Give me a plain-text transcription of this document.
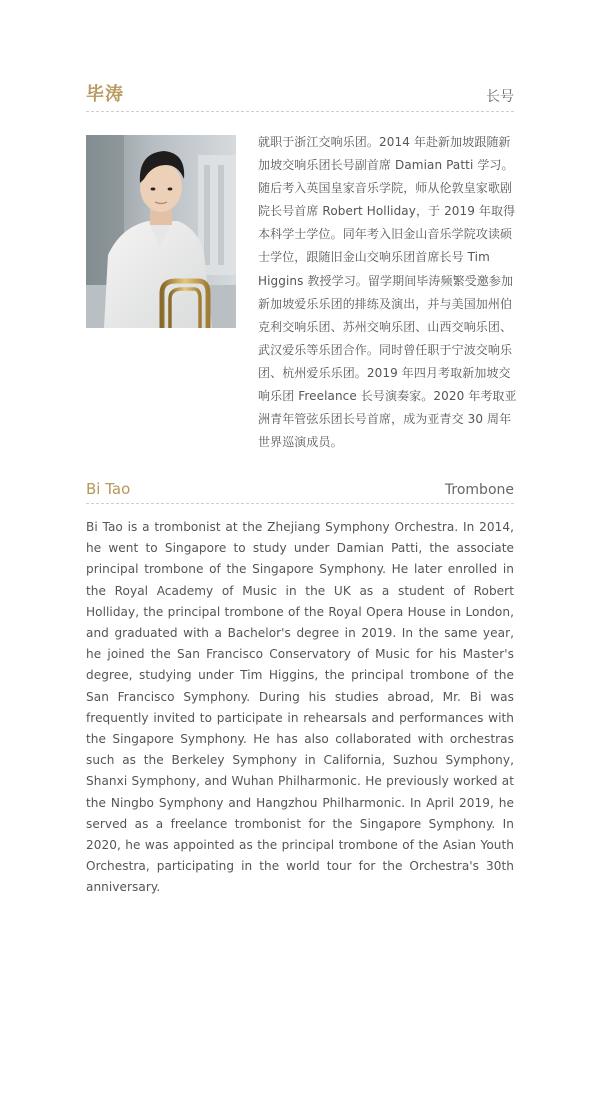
毕涛	长号
就职于浙江交响乐团。2014 年赴新加坡跟随新加坡交响乐团长号副首席 Damian Patti 学习。随后考入英国皇家音乐学院，师从伦敦皇家歌剧院长号首席 Robert Holliday，于 2019 年取得本科学士学位。同年考入旧金山音乐学院攻读硕士学位，跟随旧金山交响乐团首席长号 Tim Higgins 教授学习。留学期间毕涛频繁受邀参加新加坡爱乐乐团的排练及演出，并与美国加州伯克利交响乐团、苏州交响乐团、山西交响乐团、武汉爱乐等乐团合作。同时曾任职于宁波交响乐团、杭州爱乐乐团。2019 年四月考取新加坡交响乐团 Freelance 长号演奏家。2020 年考取亚洲青年管弦乐团长号首席，成为亚青交 30 周年世界巡演成员。
Bi Tao	Trombone
Bi Tao is a trombonist at the Zhejiang Symphony Orchestra. In 2014, he went to Singapore to study under Damian Patti, the associate principal trombone of the Singapore Symphony. He later enrolled in the Royal Academy of Music in the UK as a student of Robert Holliday, the principal trombone of the Royal Opera House in London, and graduated with a Bachelor's degree in 2019. In the same year, he joined the San Francisco Conservatory of Music for his Master's degree, studying under Tim Higgins, the principal trombone of the San Francisco Symphony. During his studies abroad, Mr. Bi was frequently invited to participate in rehearsals and performances with the Singapore Symphony. He has also collaborated with orchestras such as the Berkeley Symphony in California, Suzhou Symphony, Shanxi Symphony, and Wuhan Philharmonic. He previously worked at the Ningbo Symphony and Hangzhou Philharmonic. In April 2019, he served as a freelance trombonist for the Singapore Symphony. In 2020, he was appointed as the principal trombone of the Asian Youth Orchestra, participating in the world tour for the Orchestra's 30th anniversary.
